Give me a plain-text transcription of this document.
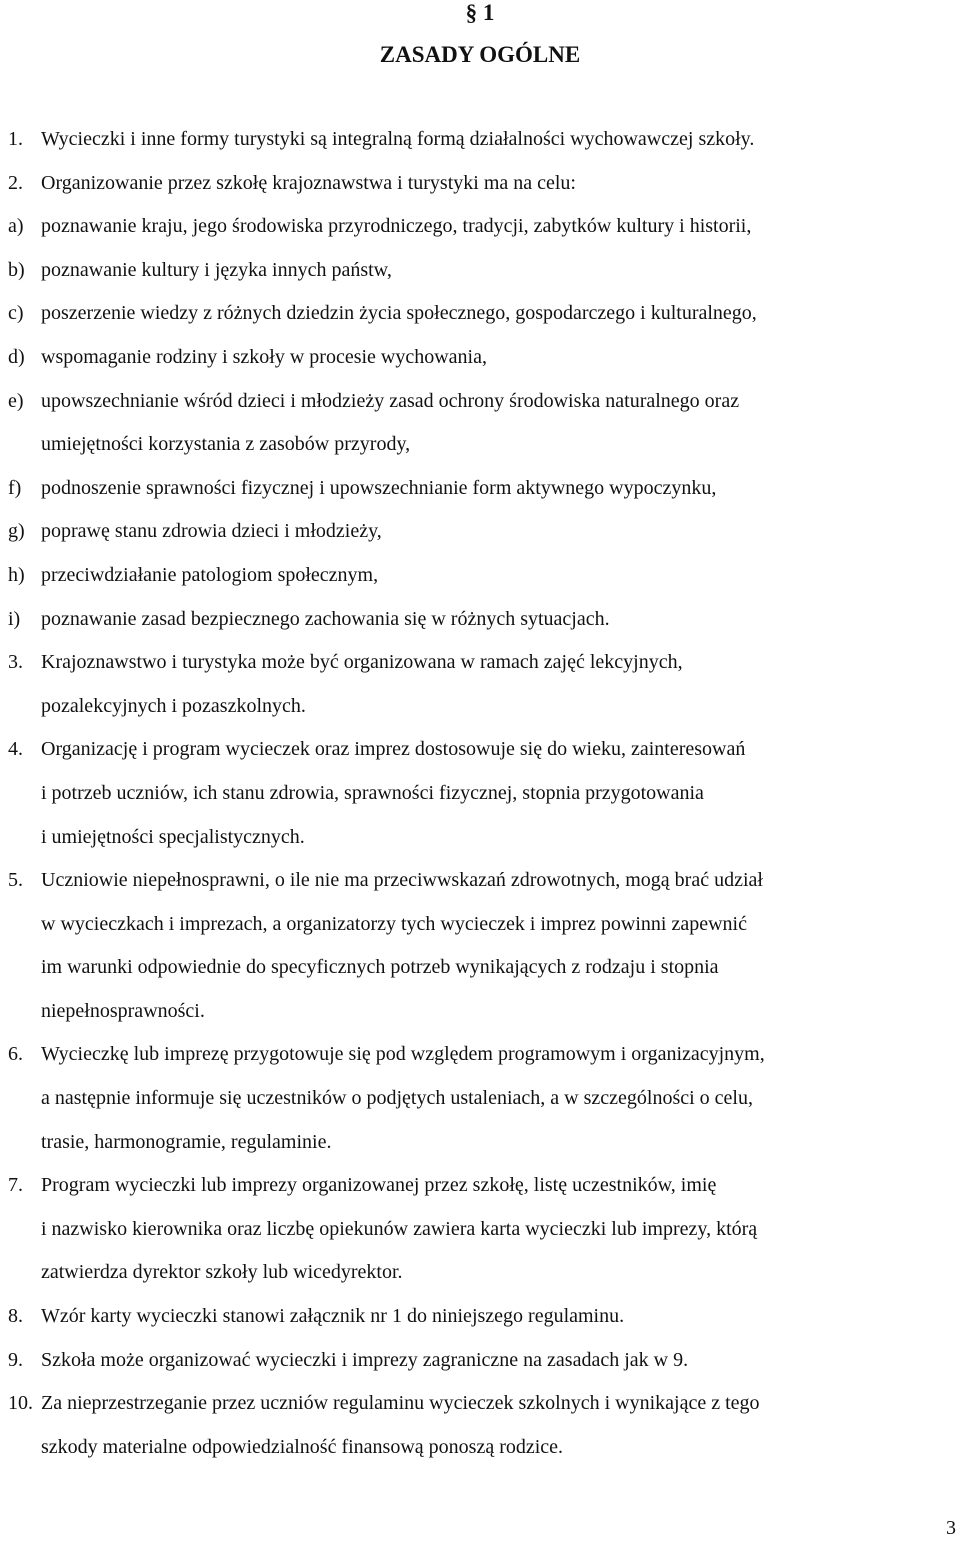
§ 1
ZASADY OGÓLNE
1. Wycieczki i inne formy turystyki są integralną formą działalności wychowawczej szkoły.
2. Organizowanie przez szkołę krajoznawstwa i turystyki ma na celu:
a) poznawanie kraju, jego środowiska przyrodniczego, tradycji, zabytków kultury i historii,
b) poznawanie kultury i języka innych państw,
c) poszerzenie wiedzy z różnych dziedzin życia społecznego, gospodarczego i kulturalnego,
d) wspomaganie rodziny i szkoły w procesie wychowania,
e) upowszechnianie wśród dzieci i młodzieży zasad ochrony środowiska naturalnego oraz
umiejętności korzystania z zasobów przyrody,
f) podnoszenie sprawności fizycznej i upowszechnianie form aktywnego wypoczynku,
g) poprawę stanu zdrowia dzieci i młodzieży,
h) przeciwdziałanie patologiom społecznym,
i) poznawanie zasad bezpiecznego zachowania się w różnych sytuacjach.
3. Krajoznawstwo i turystyka może być organizowana w ramach zajęć lekcyjnych,
pozalekcyjnych i pozaszkolnych.
4. Organizację i program wycieczek oraz imprez dostosowuje się do wieku, zainteresowań
i potrzeb uczniów, ich stanu zdrowia, sprawności fizycznej, stopnia przygotowania
i umiejętności specjalistycznych.
5. Uczniowie niepełnosprawni, o ile nie ma przeciwwskazań zdrowotnych, mogą brać udział
w wycieczkach i imprezach, a organizatorzy tych wycieczek i imprez powinni zapewnić
im warunki odpowiednie do specyficznych potrzeb wynikających z rodzaju i stopnia
niepełnosprawności.
6. Wycieczkę lub imprezę przygotowuje się pod względem programowym i organizacyjnym,
a następnie informuje się uczestników o podjętych ustaleniach, a w szczególności o celu,
trasie, harmonogramie, regulaminie.
7. Program wycieczki lub imprezy organizowanej przez szkołę, listę uczestników, imię
i nazwisko kierownika oraz liczbę opiekunów zawiera karta wycieczki lub imprezy, którą
zatwierdza dyrektor szkoły lub wicedyrektor.
8. Wzór karty wycieczki stanowi załącznik nr 1 do niniejszego regulaminu.
9. Szkoła może organizować wycieczki i imprezy zagraniczne na zasadach jak w 9.
10. Za nieprzestrzeganie przez uczniów regulaminu wycieczek szkolnych i wynikające z tego
szkody materialne odpowiedzialność finansową ponoszą rodzice.
3
